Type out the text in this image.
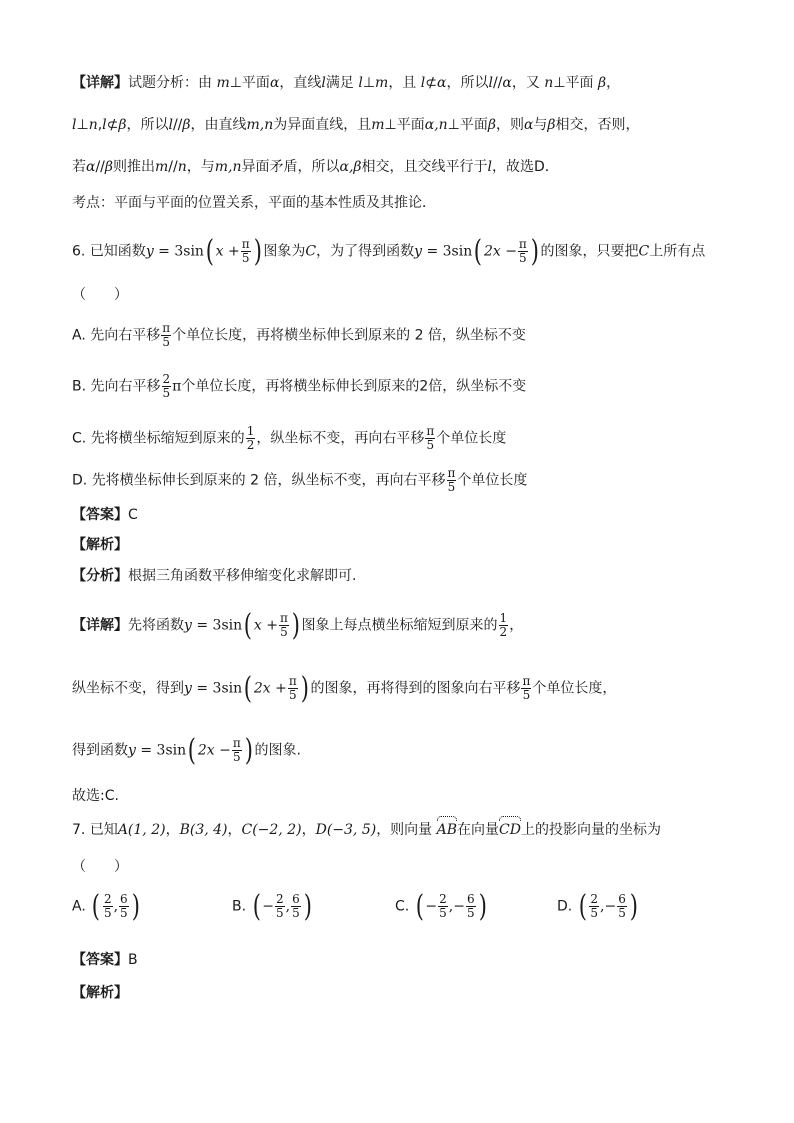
【详解】试题分析：由 m⊥平面α，直线l满足 l⊥m，且 l⊄α，所以l//α，又 n⊥平面 β，
l⊥n,l⊄β，所以l//β，由直线m,n为异面直线，且m⊥平面α,n⊥平面β，则α与β相交，否则，
若α//β则推出m//n，与m,n异面矛盾，所以α,β相交，且交线平行于l，故选D．
考点：平面与平面的位置关系，平面的基本性质及其推论．
6. 已知函数y = 3sin( $x + \frac{\pi}{5}$ ) 图象为C，为了得到函数y = 3sin( $2x - \frac{\pi}{5}$ ) 的图象，只要把C上所有点
（　　）
A. 先向右平移 $\frac{\pi}{5}$ 个单位长度，再将横坐标伸长到原来的 2 倍，纵坐标不变
B. 先向右平移 $\frac{2}{5}$ π个单位长度，再将横坐标伸长到原来的2倍，纵坐标不变
C. 先将横坐标缩短到原来的 $\frac{1}{2}$ ，纵坐标不变，再向右平移 $\frac{\pi}{5}$ 个单位长度
D. 先将横坐标伸长到原来的 2 倍，纵坐标不变，再向右平移 $\frac{\pi}{5}$ 个单位长度
【答案】C
【解析】
【分析】根据三角函数平移伸缩变化求解即可.
【详解】先将函数y = 3sin( $x + \frac{\pi}{5}$ ) 图象上每点横坐标缩短到原来的 $\frac{1}{2}$ ，
纵坐标不变，得到y = 3sin( $2x + \frac{\pi}{5}$ ) 的图象，再将得到的图象向右平移 $\frac{\pi}{5}$ 个单位长度，
得到函数y = 3sin( $2x - \frac{\pi}{5}$ ) 的图象.
故选:C.
7. 已知A(1, 2)，B(3, 4)，C(−2, 2)，D(−3, 5)，则向量 AB在向量CD上的投影向量的坐标为
（　　）
A. ( $\frac{2}{5}$ , $\frac{6}{5}$ )	B. ( − $\frac{2}{5}$ , $\frac{6}{5}$ )	C. ( − $\frac{2}{5}$ ,− $\frac{6}{5}$ )	D. ( $\frac{2}{5}$ ,− $\frac{6}{5}$ )
【答案】B
【解析】
